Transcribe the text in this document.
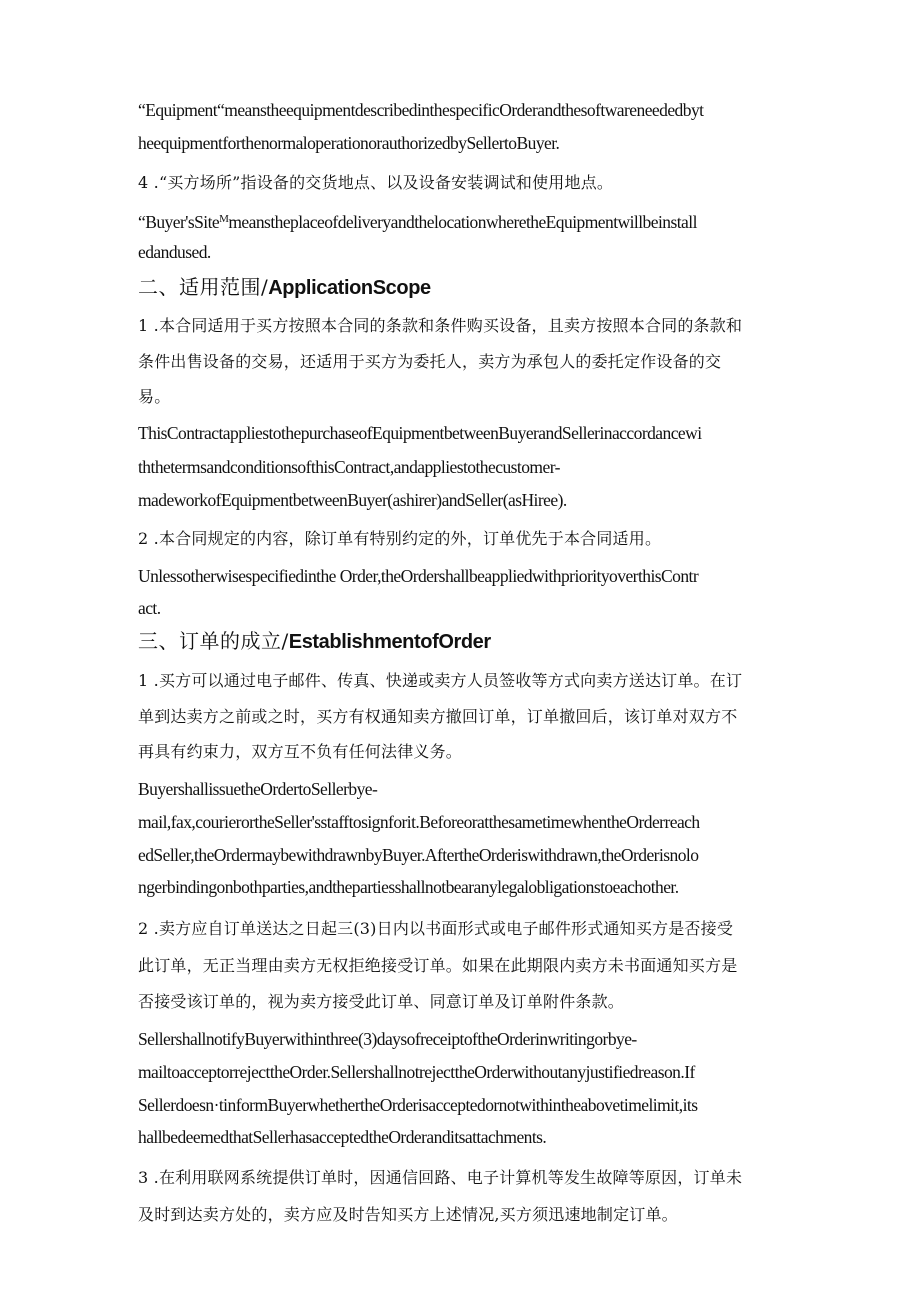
“Equipment“meanstheequipmentdescribedinthespecificOrderandthesoftwareneededbyt
heequipmentforthenormaloperationorauthorizedbySellertoBuyer.
4 .“买方场所”指设备的交货地点、以及设备安装调试和使用地点。
“Buyer'sSite$^M$meanstheplaceofdeliveryandthelocationwheretheEquipmentwillbeinstall
edandused.
二、适用范围/ApplicationScope
1 .本合同适用于买方按照本合同的条款和条件购买设备，且卖方按照本合同的条款和
条件出售设备的交易，还适用于买方为委托人，卖方为承包人的委托定作设备的交
易。
ThisContractappliestothepurchaseofEquipmentbetweenBuyerandSellerinaccordancewi
ththetermsandconditionsofthisContract,andappliestothecustomer-
madeworkofEquipmentbetweenBuyer(ashirer)andSeller(asHiree).
2 .本合同规定的内容，除订单有特别约定的外，订单优先于本合同适用。
Unlessotherwisespecifiedinthe Order,theOrdershallbeappliedwithpriorityoverthisContr
act.
三、订单的成立/EstablishmentofOrder
1 .买方可以通过电子邮件、传真、快递或卖方人员签收等方式向卖方送达订单。在订
单到达卖方之前或之时，买方有权通知卖方撤回订单，订单撤回后，该订单对双方不
再具有约束力，双方互不负有任何法律义务。
BuyershallissuetheOrdertoSellerbye-
mail,fax,courierortheSeller'sstafftosignforit.BeforeoratthesametimewhentheOrderreach
edSeller,theOrdermaybewithdrawnbyBuyer.AftertheOrderiswithdrawn,theOrderisnolo
ngerbindingonbothparties,andthepartiesshallnotbearanylegalobligationstoeachother.
2 .卖方应自订单送达之日起三(3)日内以书面形式或电子邮件形式通知买方是否接受
此订单，无正当理由卖方无权拒绝接受订单。如果在此期限内卖方未书面通知买方是
否接受该订单的，视为卖方接受此订单、同意订单及订单附件条款。
SellershallnotifyBuyerwithinthree(3)daysofreceiptoftheOrderinwritingorbye-
mailtoacceptorrejecttheOrder.SellershallnotrejecttheOrderwithoutanyjustifiedreason.If
Sellerdoesn·tinformBuyerwhethertheOrderisacceptedornotwithintheabovetimelimit,its
hallbedeemedthatSellerhasacceptedtheOrderanditsattachments.
3 .在利用联网系统提供订单时，因通信回路、电子计算机等发生故障等原因，订单未
及时到达卖方处的，卖方应及时告知买方上述情况,买方须迅速地制定订单。
